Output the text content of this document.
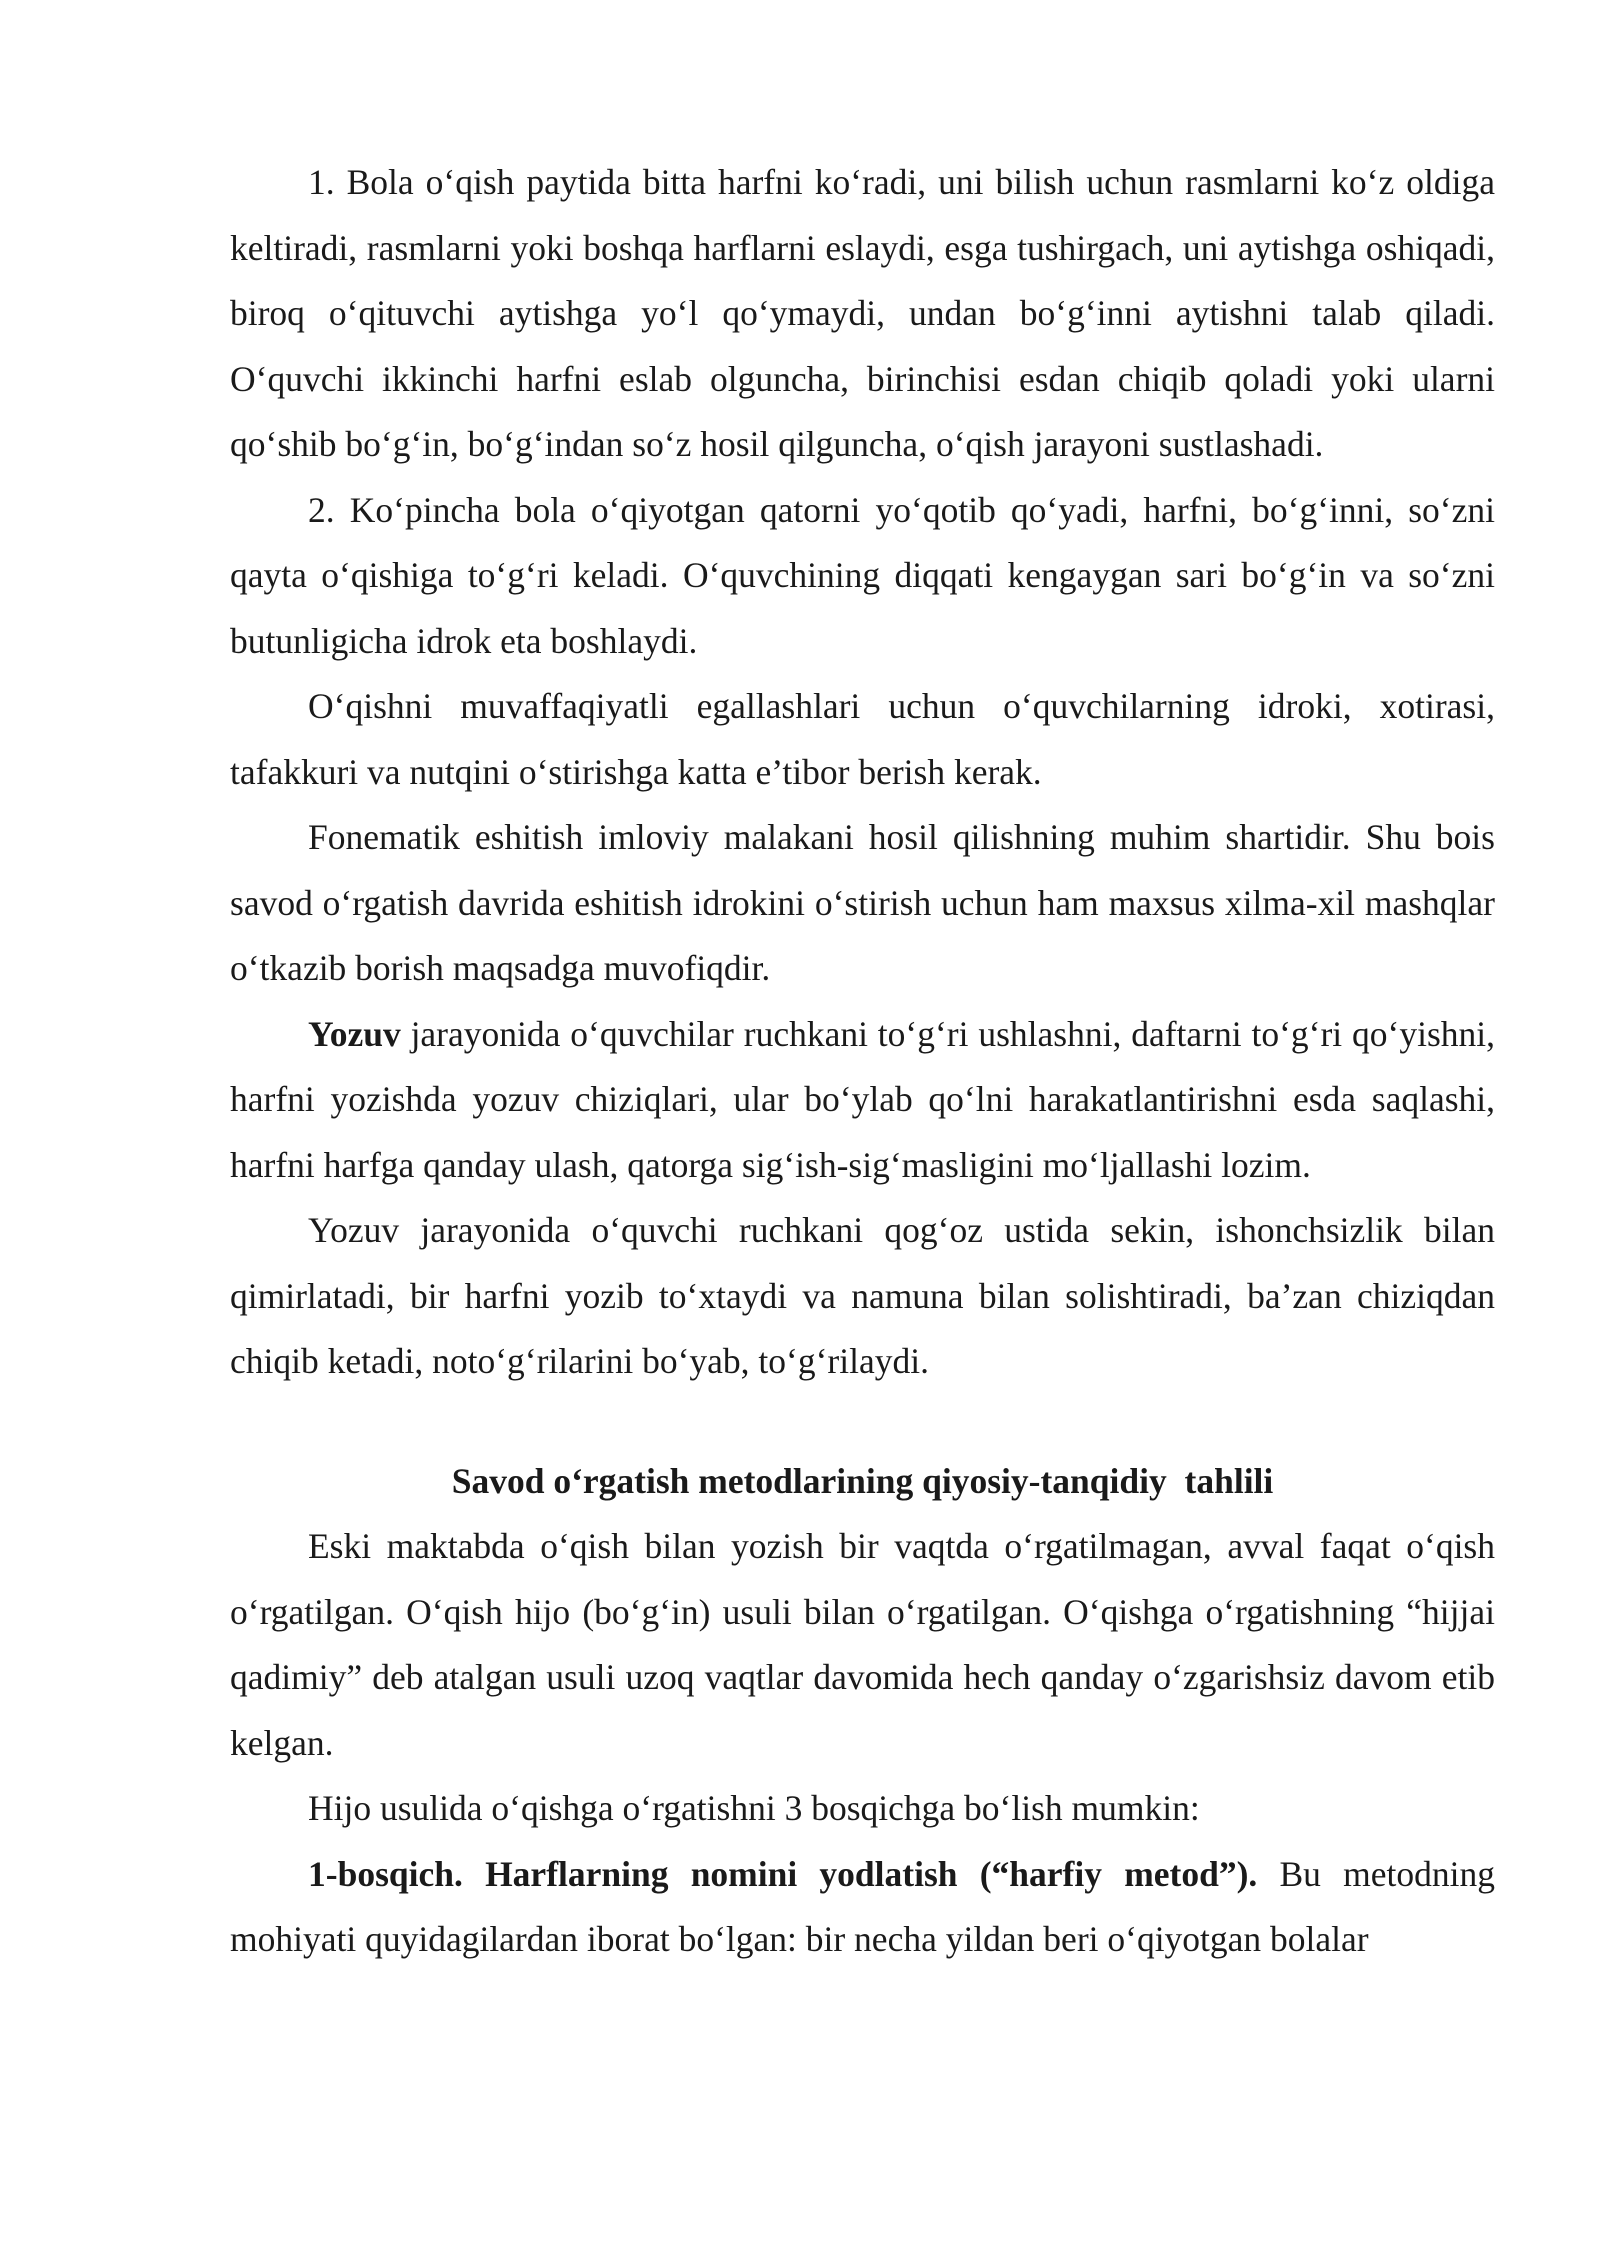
1. Bola o‘qish paytida bitta harfni ko‘radi, uni bilish uchun rasmlarni ko‘z oldiga keltiradi, rasmlarni yoki boshqa harflarni eslaydi, esga tushirgach, uni aytishga oshiqadi, biroq o‘qituvchi aytishga yo‘l qo‘ymaydi, undan bo‘g‘inni aytishni talab qiladi. O‘quvchi ikkinchi harfni eslab olguncha, birinchisi esdan chiqib qoladi yoki ularni qo‘shib bo‘g‘in, bo‘g‘indan so‘z hosil qilguncha, o‘qish jarayoni sustlashadi.

2. Ko‘pincha bola o‘qiyotgan qatorni yo‘qotib qo‘yadi, harfni, bo‘g‘inni, so‘zni qayta o‘qishiga to‘g‘ri keladi. O‘quvchining diqqati kengaygan sari bo‘g‘in va so‘zni butunligicha idrok eta boshlaydi.

O‘qishni muvaffaqiyatli egallashlari uchun o‘quvchilarning idroki, xotirasi, tafakkuri va nutqini o‘stirishga katta e’tibor berish kerak.

Fonematik eshitish imloviy malakani hosil qilishning muhim shartidir. Shu bois savod o‘rgatish davrida eshitish idrokini o‘stirish uchun ham maxsus xilma-xil mashqlar o‘tkazib borish maqsadga muvofiqdir.

Yozuv jarayonida o‘quvchilar ruchkani to‘g‘ri ushlashni, daftarni to‘g‘ri qo‘yishni, harfni yozishda yozuv chiziqlari, ular bo‘ylab qo‘lni harakatlantirishni esda saqlashi, harfni harfga qanday ulash, qatorga sig‘ish-sig‘masligini mo‘ljallashi lozim.

Yozuv jarayonida o‘quvchi ruchkani qog‘oz ustida sekin, ishonchsizlik bilan qimirlatadi, bir harfni yozib to‘xtaydi va namuna bilan solishtiradi, ba’zan chiziqdan chiqib ketadi, noto‘g‘rilarini bo‘yab, to‘g‘rilaydi.

Savod o‘rgatish metodlarining qiyosiy-tanqidiy  tahlili

Eski maktabda o‘qish bilan yozish bir vaqtda o‘rgatilmagan, avval faqat o‘qish o‘rgatilgan. O‘qish hijo (bo‘g‘in) usuli bilan o‘rgatilgan. O‘qishga o‘rgatishning “hijjai qadimiy” deb atalgan usuli uzoq vaqtlar davomida hech qanday o‘zgarishsiz davom etib kelgan.

Hijo usulida o‘qishga o‘rgatishni 3 bosqichga bo‘lish mumkin:

1-bosqich. Harflarning nomini yodlatish (“harfiy metod”). Bu metodning mohiyati quyidagilardan iborat bo‘lgan: bir necha yildan beri o‘qiyotgan bolalar
